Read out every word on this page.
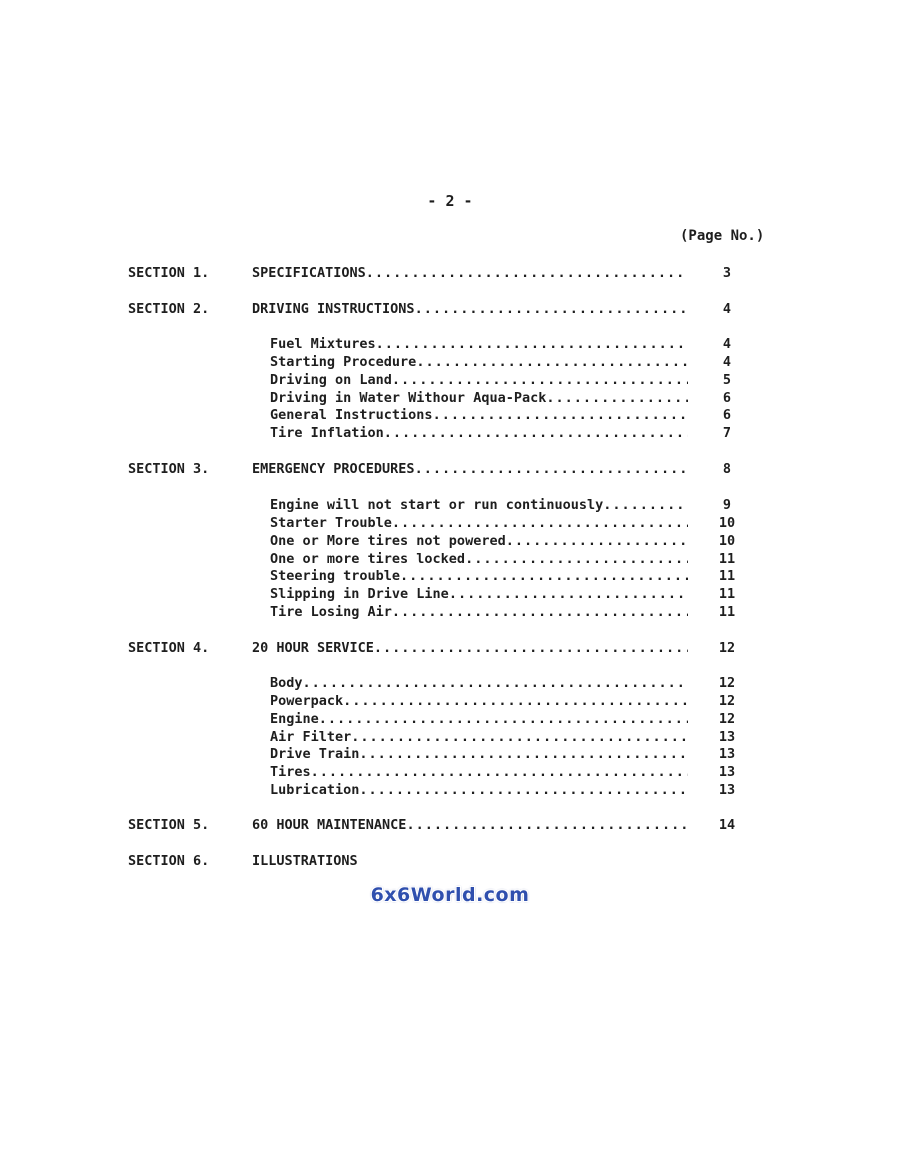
- 2 -
(Page No.)
SECTION 1.	SPECIFICATIONS .....	3
SECTION 2.	DRIVING INSTRUCTIONS .....	4
Fuel Mixtures .....	4
Starting Procedure .....	4
Driving on Land .....	5
Driving in Water Withour Aqua-Pack .....	6
General Instructions .....	6
Tire Inflation .....	7
SECTION 3.	EMERGENCY PROCEDURES .....	8
Engine will not start or run continuously .....	9
Starter Trouble .....	10
One or More tires not powered .....	10
One or more tires locked .....	11
Steering trouble .....	11
Slipping in Drive Line .....	11
Tire Losing Air .....	11
SECTION 4.	20 HOUR SERVICE .....	12
Body .....	12
Powerpack .....	12
Engine .....	12
Air Filter .....	13
Drive Train .....	13
Tires .....	13
Lubrication .....	13
SECTION 5.	60 HOUR MAINTENANCE .....	14
SECTION 6.	ILLUSTRATIONS
6x6World.com
